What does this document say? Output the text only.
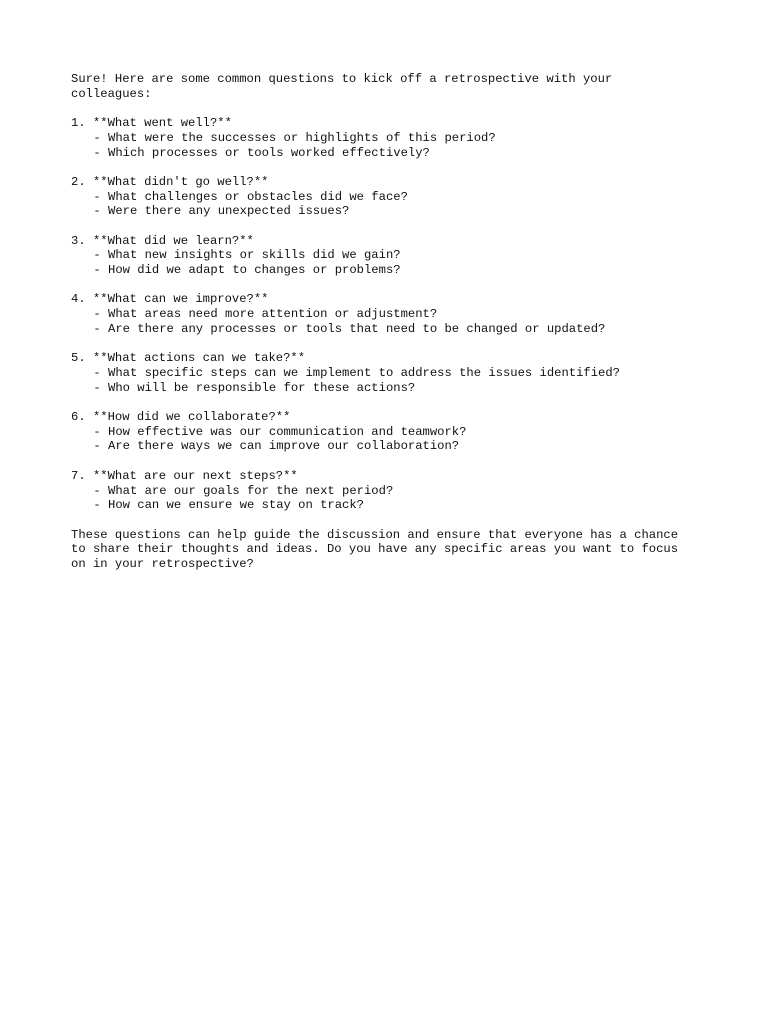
Sure! Here are some common questions to kick off a retrospective with your
colleagues:

1. **What went well?**
- What were the successes or highlights of this period?
- Which processes or tools worked effectively?
2. **What didn't go well?**
- What challenges or obstacles did we face?
- Were there any unexpected issues?
3. **What did we learn?**
- What new insights or skills did we gain?
- How did we adapt to changes or problems?
4. **What can we improve?**
- What areas need more attention or adjustment?
- Are there any processes or tools that need to be changed or updated?
5. **What actions can we take?**
- What specific steps can we implement to address the issues identified?
- Who will be responsible for these actions?
6. **How did we collaborate?**
- How effective was our communication and teamwork?
- Are there ways we can improve our collaboration?
7. **What are our next steps?**
- What are our goals for the next period?
- How can we ensure we stay on track?

These questions can help guide the discussion and ensure that everyone has a chance
to share their thoughts and ideas. Do you have any specific areas you want to focus
on in your retrospective?
